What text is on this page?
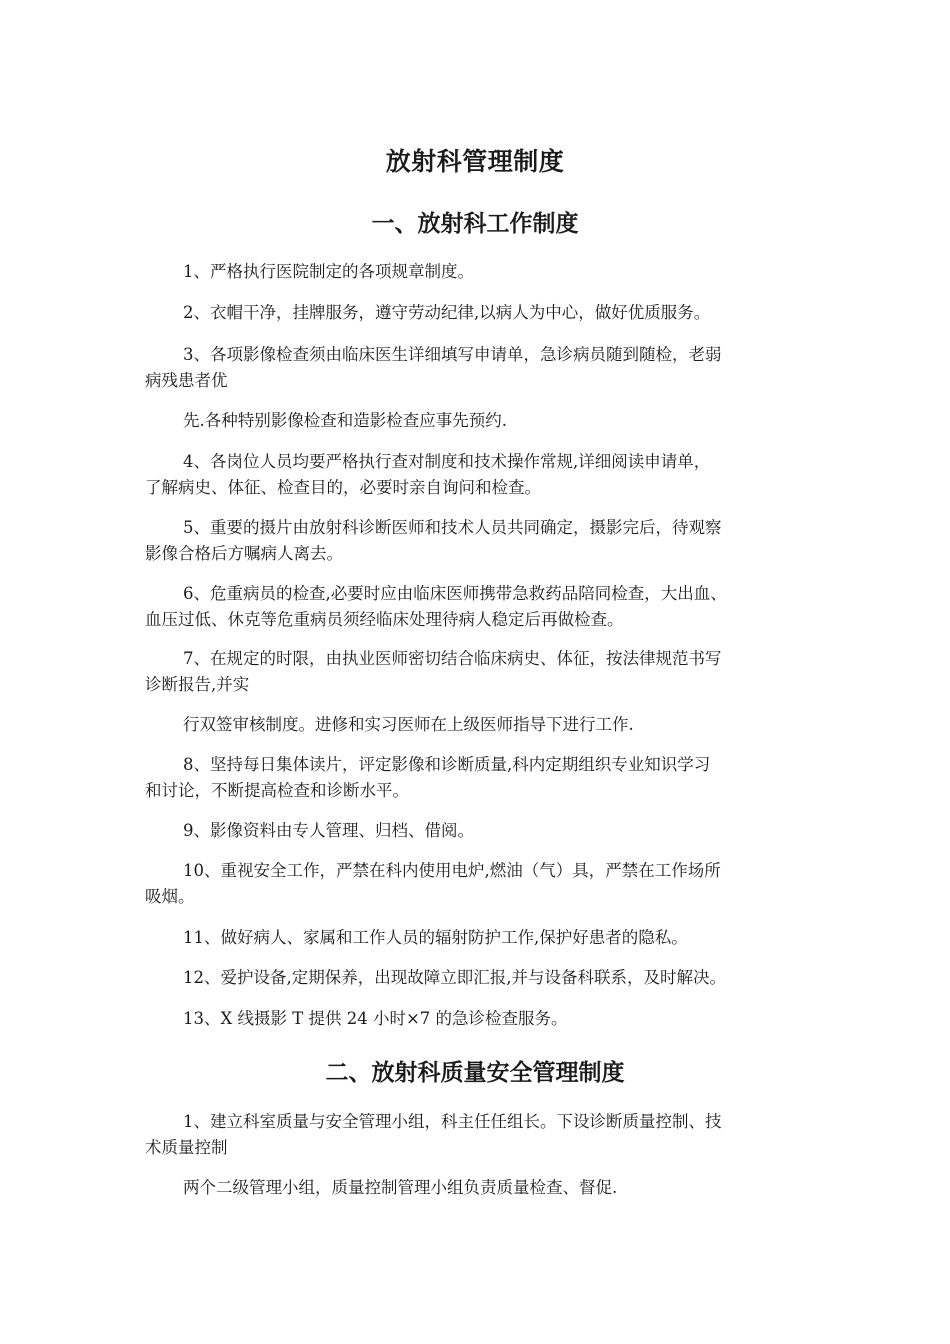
放射科管理制度
一、放射科工作制度
1、严格执行医院制定的各项规章制度。
2、衣帽干净，挂牌服务，遵守劳动纪律,以病人为中心，做好优质服务。
3、各项影像检查须由临床医生详细填写申请单，急诊病员随到随检，老弱
病残患者优
先.各种特别影像检查和造影检查应事先预约.
4、各岗位人员均要严格执行查对制度和技术操作常规,详细阅读申请单，
了解病史、体征、检查目的，必要时亲自询问和检查。
5、重要的摄片由放射科诊断医师和技术人员共同确定，摄影完后，待观察
影像合格后方嘱病人离去。
6、危重病员的检查,必要时应由临床医师携带急救药品陪同检查，大出血、
血压过低、休克等危重病员须经临床处理待病人稳定后再做检查。
7、在规定的时限，由执业医师密切结合临床病史、体征，按法律规范书写
诊断报告,并实
行双签审核制度。进修和实习医师在上级医师指导下进行工作.
8、坚持每日集体读片，评定影像和诊断质量,科内定期组织专业知识学习
和讨论，不断提高检查和诊断水平。
9、影像资料由专人管理、归档、借阅。
10、重视安全工作，严禁在科内使用电炉,燃油（气）具，严禁在工作场所
吸烟。
11、做好病人、家属和工作人员的辐射防护工作,保护好患者的隐私。
12、爱护设备,定期保养，出现故障立即汇报,并与设备科联系，及时解决。
13、X 线摄影 T 提供 24 小时×7 的急诊检查服务。
二、放射科质量安全管理制度
1、建立科室质量与安全管理小组，科主任任组长。下设诊断质量控制、技
术质量控制
两个二级管理小组，质量控制管理小组负责质量检查、督促.
